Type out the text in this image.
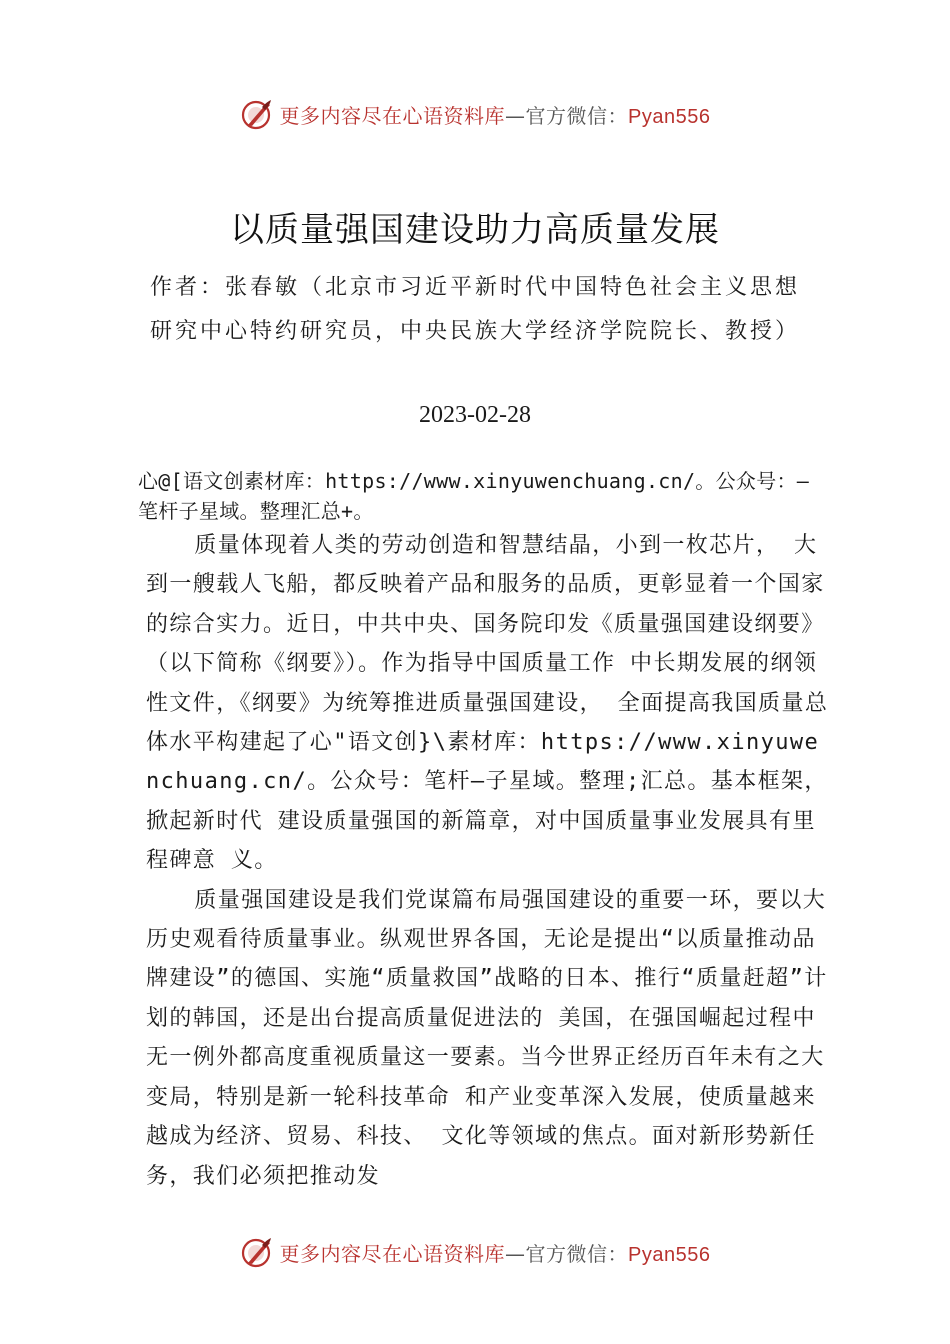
更多内容尽在心语资料库—官方微信：Pyan556
以质量强国建设助力高质量发展
作者：张春敏（北京市习近平新时代中国特色社会主义思想研究中心特约研究员，中央民族大学经济学院院长、教授）
2023-02-28
心@[语文创素材库：https://www.xinyuwenchuang.cn/。公众号：—笔杆子星域。整理汇总+。

质量体现着人类的劳动创造和智慧结晶，小到一枚芯片， 大到一艘载人飞船，都反映着产品和服务的品质，更彰显着一个国家的综合实力。近日，中共中央、国务院印发《质量强国建设纲要》（以下简称《纲要》）。作为指导中国质量工作 中长期发展的纲领性文件，《纲要》为统筹推进质量强国建设， 全面提高我国质量总体水平构建起了心"语文创}\素材库：https://www.xinyuwenchuang.cn/。公众号：笔杆—子星域。整理;汇总。基本框架，掀起新时代 建设质量强国的新篇章，对中国质量事业发展具有里程碑意 义。

质量强国建设是我们党谋篇布局强国建设的重要一环，要以大历史观看待质量事业。纵观世界各国，无论是提出“以质量推动品牌建设”的德国、实施“质量救国”战略的日本、推行“质量赶超”计划的韩国，还是出台提高质量促进法的 美国，在强国崛起过程中无一例外都高度重视质量这一要素。当今世界正经历百年未有之大变局，特别是新一轮科技革命 和产业变革深入发展，使质量越来越成为经济、贸易、科技、 文化等领域的焦点。面对新形势新任务，我们必须把推动发

更多内容尽在心语资料库—官方微信：Pyan556
